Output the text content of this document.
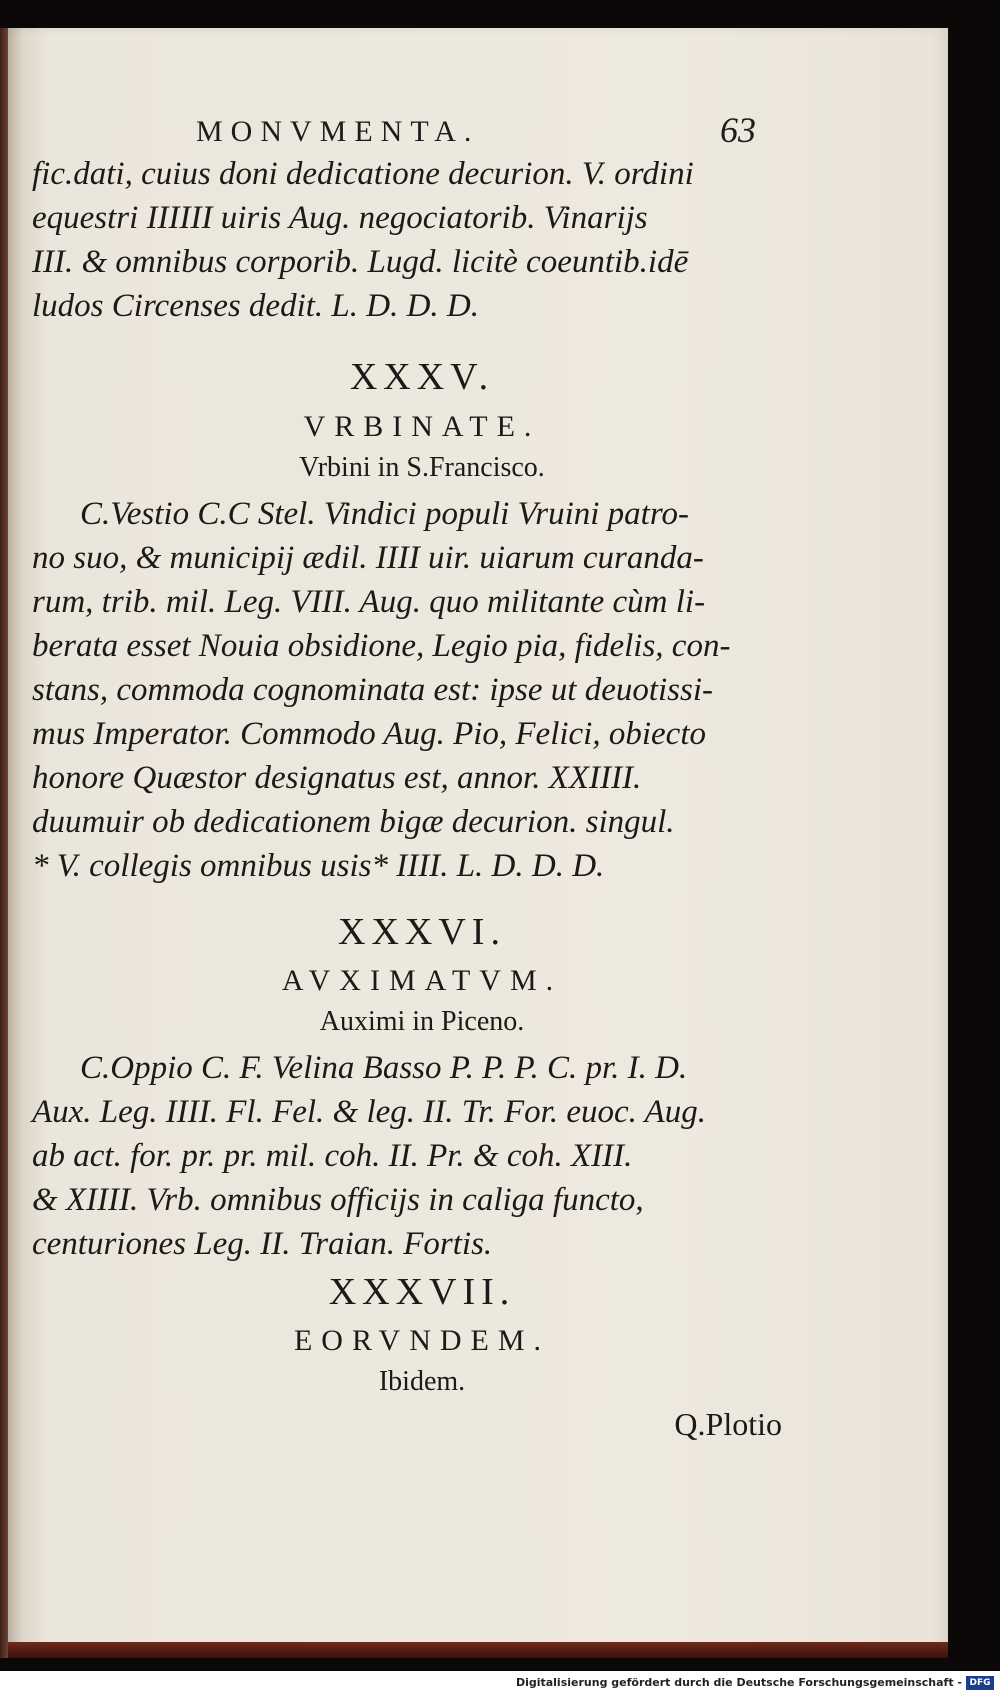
MONVMENTA.	63
fic.dati, cuius doni dedicatione decurion. V. ordini
equestri IIIIII uiris Aug. negociatorib. Vinarijs
III. & omnibus corporib. Lugd. licitè coeuntib.idē
ludos Circenses dedit. L. D. D. D.
XXXV.
VRBINATE.
Vrbini in S.Francisco.
C.Vestio C.C Stel. Vindici populi Vruini patro-
no suo, & municipij ædil. IIII uir. uiarum curanda-
rum, trib. mil. Leg. VIII. Aug. quo militante cùm li-
berata esset Nouia obsidione, Legio pia, fidelis, con-
stans, commoda cognominata est: ipse ut deuotissi-
mus Imperator. Commodo Aug. Pio, Felici, obiecto
honore Quæstor designatus est, annor. XXIIII.
duumuir ob dedicationem bigæ decurion. singul.
* V. collegis omnibus usis* IIII. L. D. D. D.
XXXVI.
AVXIMATVM.
Auximi in Piceno.
C.Oppio C. F. Velina Basso P. P. P. C. pr. I. D.
Aux. Leg. IIII. Fl. Fel. & leg. II. Tr. For. euoc. Aug.
ab act. for. pr. pr. mil. coh. II. Pr. & coh. XIII.
& XIIII. Vrb. omnibus officijs in caliga functo,
centuriones Leg. II. Traian. Fortis.
XXXVII.
EORVNDEM.
Ibidem.
Q.Plotio
Digitalisierung gefördert durch die Deutsche Forschungsgemeinschaft - DFG
